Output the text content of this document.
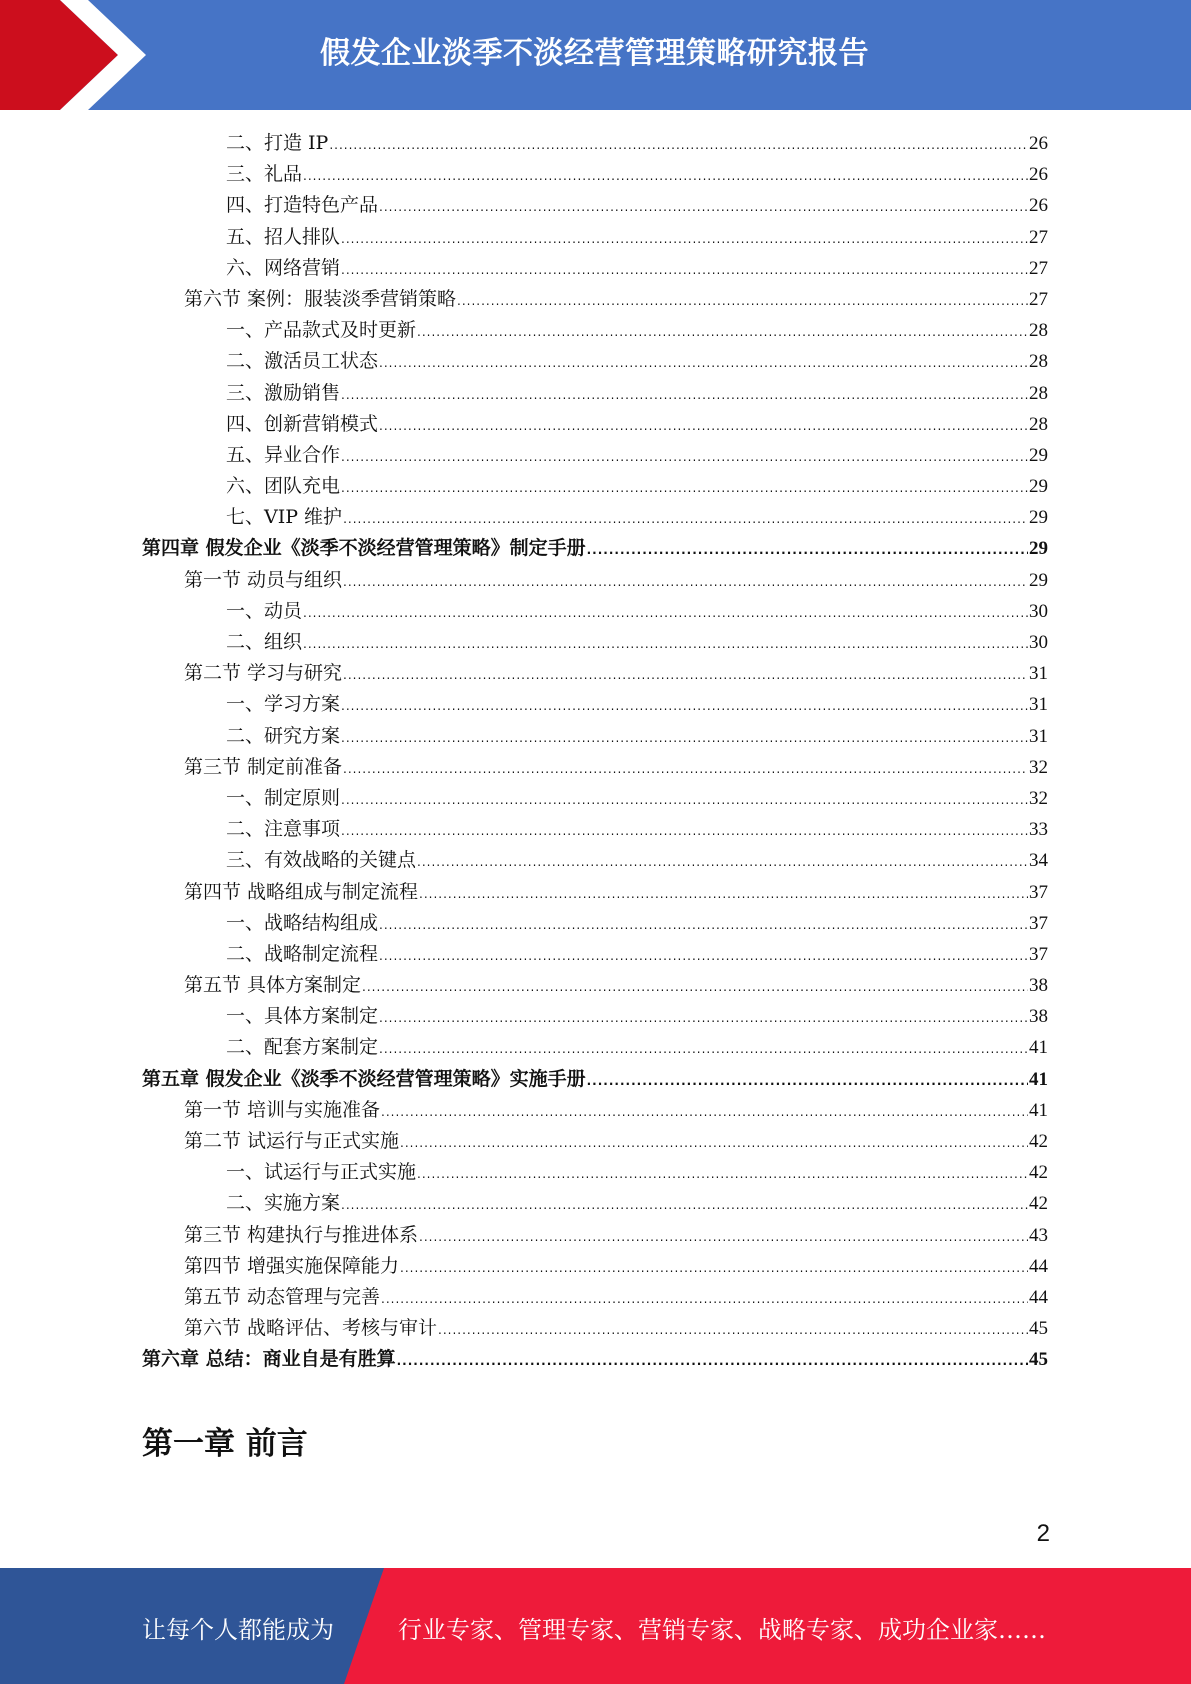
假发企业淡季不淡经营管理策略研究报告
二、打造 IP .....	26
三、礼品 .....	26
四、打造特色产品 .....	26
五、招人排队 .....	27
六、网络营销 .....	27
第六节 案例：服装淡季营销策略 .....	27
一、产品款式及时更新 .....	28
二、激活员工状态 .....	28
三、激励销售 .....	28
四、创新营销模式 .....	28
五、异业合作 .....	29
六、团队充电 .....	29
七、VIP 维护 .....	29
第四章 假发企业《淡季不淡经营管理策略》制定手册 .....	29
第一节 动员与组织 .....	29
一、动员 .....	30
二、组织 .....	30
第二节 学习与研究 .....	31
一、学习方案 .....	31
二、研究方案 .....	31
第三节 制定前准备 .....	32
一、制定原则 .....	32
二、注意事项 .....	33
三、有效战略的关键点 .....	34
第四节 战略组成与制定流程 .....	37
一、战略结构组成 .....	37
二、战略制定流程 .....	37
第五节 具体方案制定 .....	38
一、具体方案制定 .....	38
二、配套方案制定 .....	41
第五章 假发企业《淡季不淡经营管理策略》实施手册 .....	41
第一节 培训与实施准备 .....	41
第二节 试运行与正式实施 .....	42
一、试运行与正式实施 .....	42
二、实施方案 .....	42
第三节 构建执行与推进体系 .....	43
第四节 增强实施保障能力 .....	44
第五节 动态管理与完善 .....	44
第六节 战略评估、考核与审计 .....	45
第六章 总结：商业自是有胜算 .....	45
第一章 前言
2
让每个人都能成为	行业专家、管理专家、营销专家、战略专家、成功企业家……
